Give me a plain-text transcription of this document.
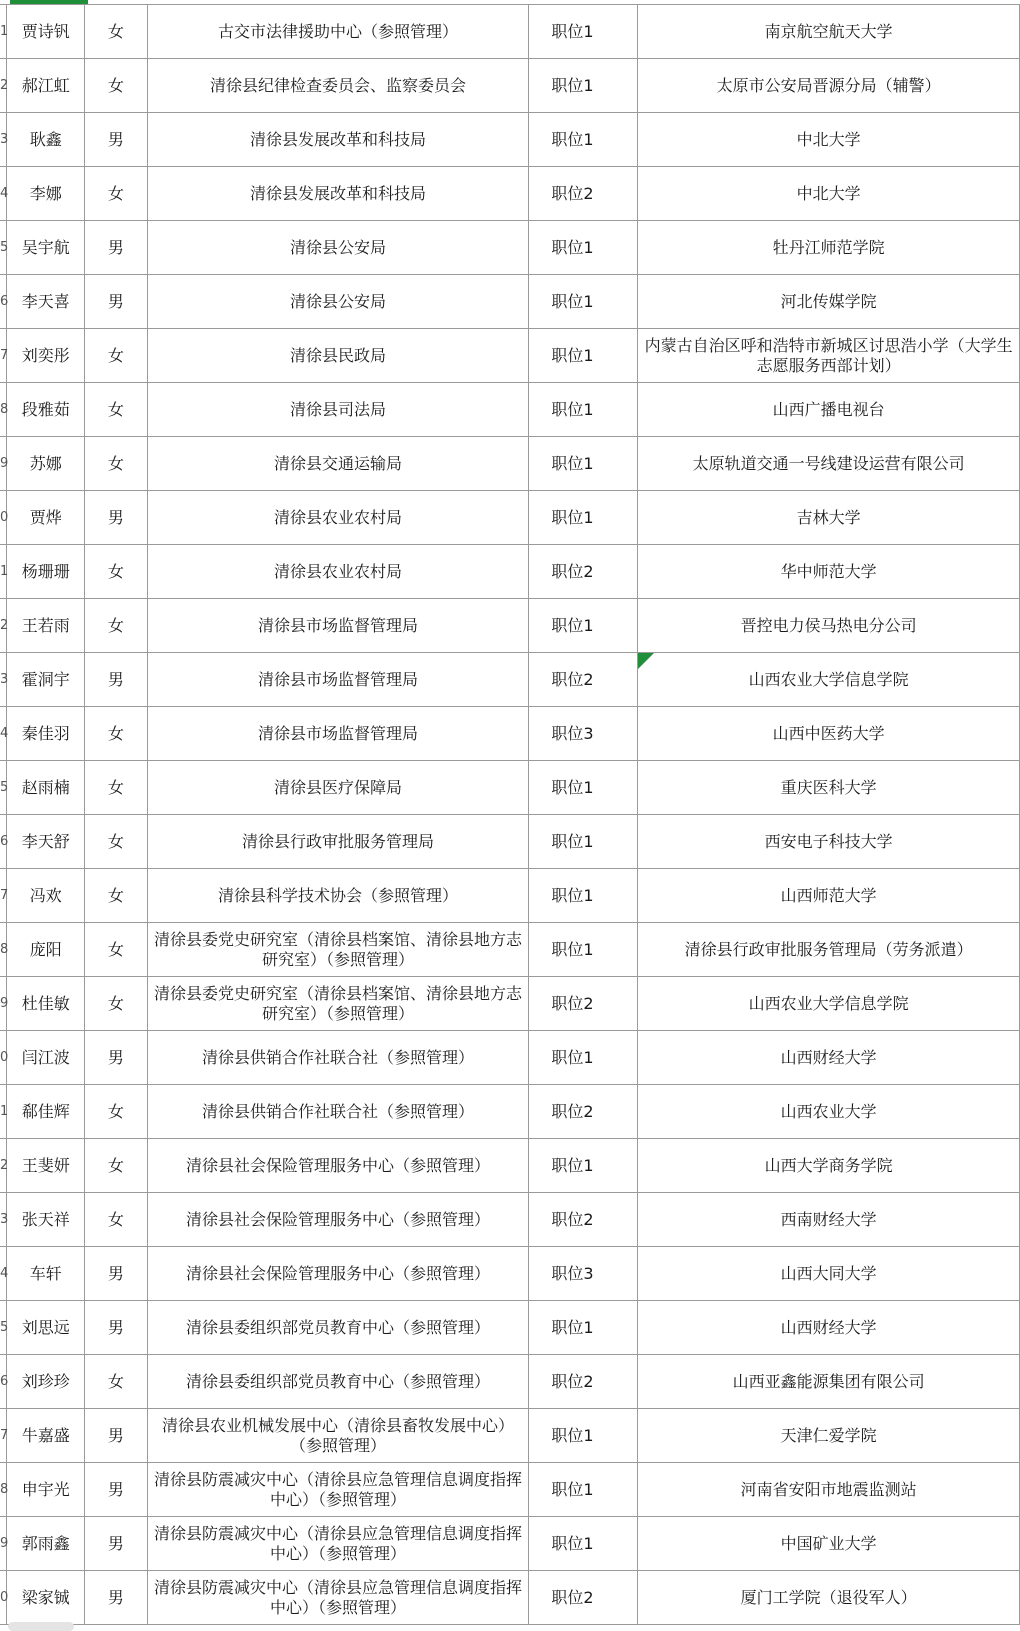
1	贾诗钒	女	古交市法律援助中心（参照管理）	职位1	南京航空航天大学
2	郝江虹	女	清徐县纪律检查委员会、监察委员会	职位1	太原市公安局晋源分局（辅警）
3	耿鑫	男	清徐县发展改革和科技局	职位1	中北大学
4	李娜	女	清徐县发展改革和科技局	职位2	中北大学
5	吴宇航	男	清徐县公安局	职位1	牡丹江师范学院
6	李天喜	男	清徐县公安局	职位1	河北传媒学院
7	刘奕彤	女	清徐县民政局	职位1	内蒙古自治区呼和浩特市新城区讨思浩小学（大学生志愿服务西部计划）
8	段雅茹	女	清徐县司法局	职位1	山西广播电视台
9	苏娜	女	清徐县交通运输局	职位1	太原轨道交通一号线建设运营有限公司
0	贾烨	男	清徐县农业农村局	职位1	吉林大学
1	杨珊珊	女	清徐县农业农村局	职位2	华中师范大学
2	王若雨	女	清徐县市场监督管理局	职位1	晋控电力侯马热电分公司
3	霍洞宇	男	清徐县市场监督管理局	职位2	山西农业大学信息学院
4	秦佳羽	女	清徐县市场监督管理局	职位3	山西中医药大学
5	赵雨楠	女	清徐县医疗保障局	职位1	重庆医科大学
6	李天舒	女	清徐县行政审批服务管理局	职位1	西安电子科技大学
7	冯欢	女	清徐县科学技术协会（参照管理）	职位1	山西师范大学
8	庞阳	女	清徐县委党史研究室（清徐县档案馆、清徐县地方志研究室）（参照管理）	职位1	清徐县行政审批服务管理局（劳务派遣）
9	杜佳敏	女	清徐县委党史研究室（清徐县档案馆、清徐县地方志研究室）（参照管理）	职位2	山西农业大学信息学院
0	闫江波	男	清徐县供销合作社联合社（参照管理）	职位1	山西财经大学
1	郗佳辉	女	清徐县供销合作社联合社（参照管理）	职位2	山西农业大学
2	王斐妍	女	清徐县社会保险管理服务中心（参照管理）	职位1	山西大学商务学院
3	张天祥	女	清徐县社会保险管理服务中心（参照管理）	职位2	西南财经大学
4	车轩	男	清徐县社会保险管理服务中心（参照管理）	职位3	山西大同大学
5	刘思远	男	清徐县委组织部党员教育中心（参照管理）	职位1	山西财经大学
6	刘珍珍	女	清徐县委组织部党员教育中心（参照管理）	职位2	山西亚鑫能源集团有限公司
7	牛嘉盛	男	清徐县农业机械发展中心（清徐县畜牧发展中心）（参照管理）	职位1	天津仁爱学院
8	申宇光	男	清徐县防震减灾中心（清徐县应急管理信息调度指挥中心）（参照管理）	职位1	河南省安阳市地震监测站
9	郭雨鑫	男	清徐县防震减灾中心（清徐县应急管理信息调度指挥中心）（参照管理）	职位1	中国矿业大学
0	梁家铖	男	清徐县防震减灾中心（清徐县应急管理信息调度指挥中心）（参照管理）	职位2	厦门工学院（退役军人）
